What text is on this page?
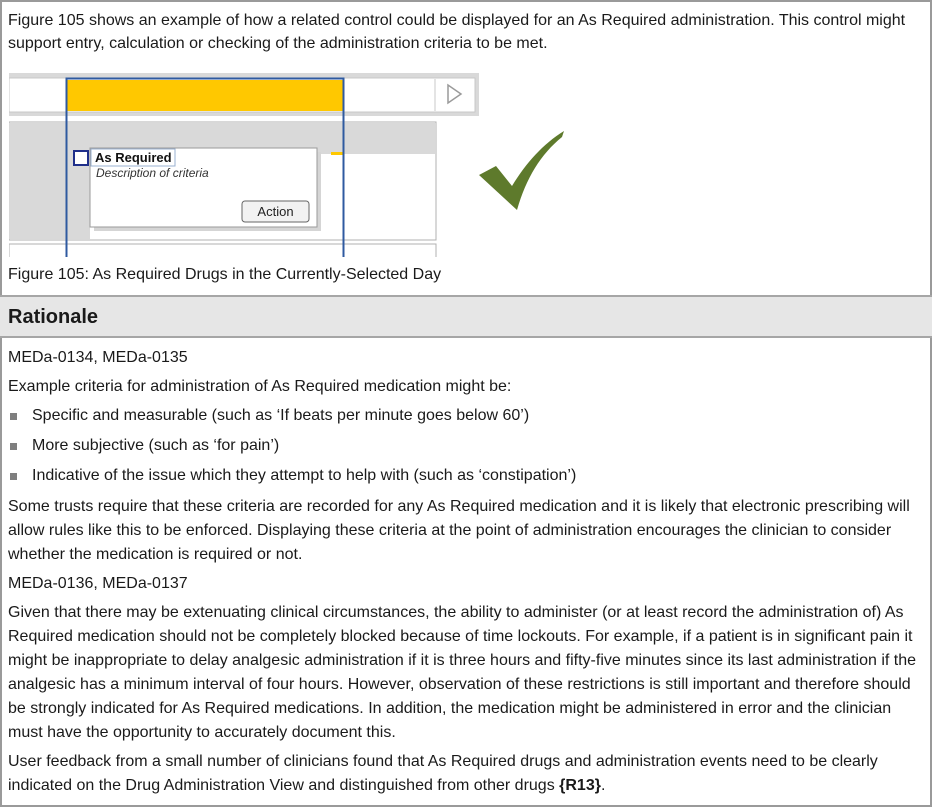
Figure 105 shows an example of how a related control could be displayed for an As Required administration. This control might support entry, calculation or checking of the administration criteria to be met.

As Required
Description of criteria
Action

Figure 105: As Required Drugs in the Currently-Selected Day

Rationale

MEDa-0134, MEDa-0135

Example criteria for administration of As Required medication might be:

Specific and measurable (such as ‘If beats per minute goes below 60’)
More subjective (such as ‘for pain’)
Indicative of the issue which they attempt to help with (such as ‘constipation’)

Some trusts require that these criteria are recorded for any As Required medication and it is likely that electronic prescribing will allow rules like this to be enforced. Displaying these criteria at the point of administration encourages the clinician to consider whether the medication is required or not.

MEDa-0136, MEDa-0137

Given that there may be extenuating clinical circumstances, the ability to administer (or at least record the administration of) As Required medication should not be completely blocked because of time lockouts. For example, if a patient is in significant pain it might be inappropriate to delay analgesic administration if it is three hours and fifty-five minutes since its last administration if the analgesic has a minimum interval of four hours. However, observation of these restrictions is still important and therefore should be strongly indicated for As Required medications. In addition, the medication might be administered in error and the clinician must have the opportunity to accurately document this.

User feedback from a small number of clinicians found that As Required drugs and administration events need to be clearly indicated on the Drug Administration View and distinguished from other drugs {R13}.
